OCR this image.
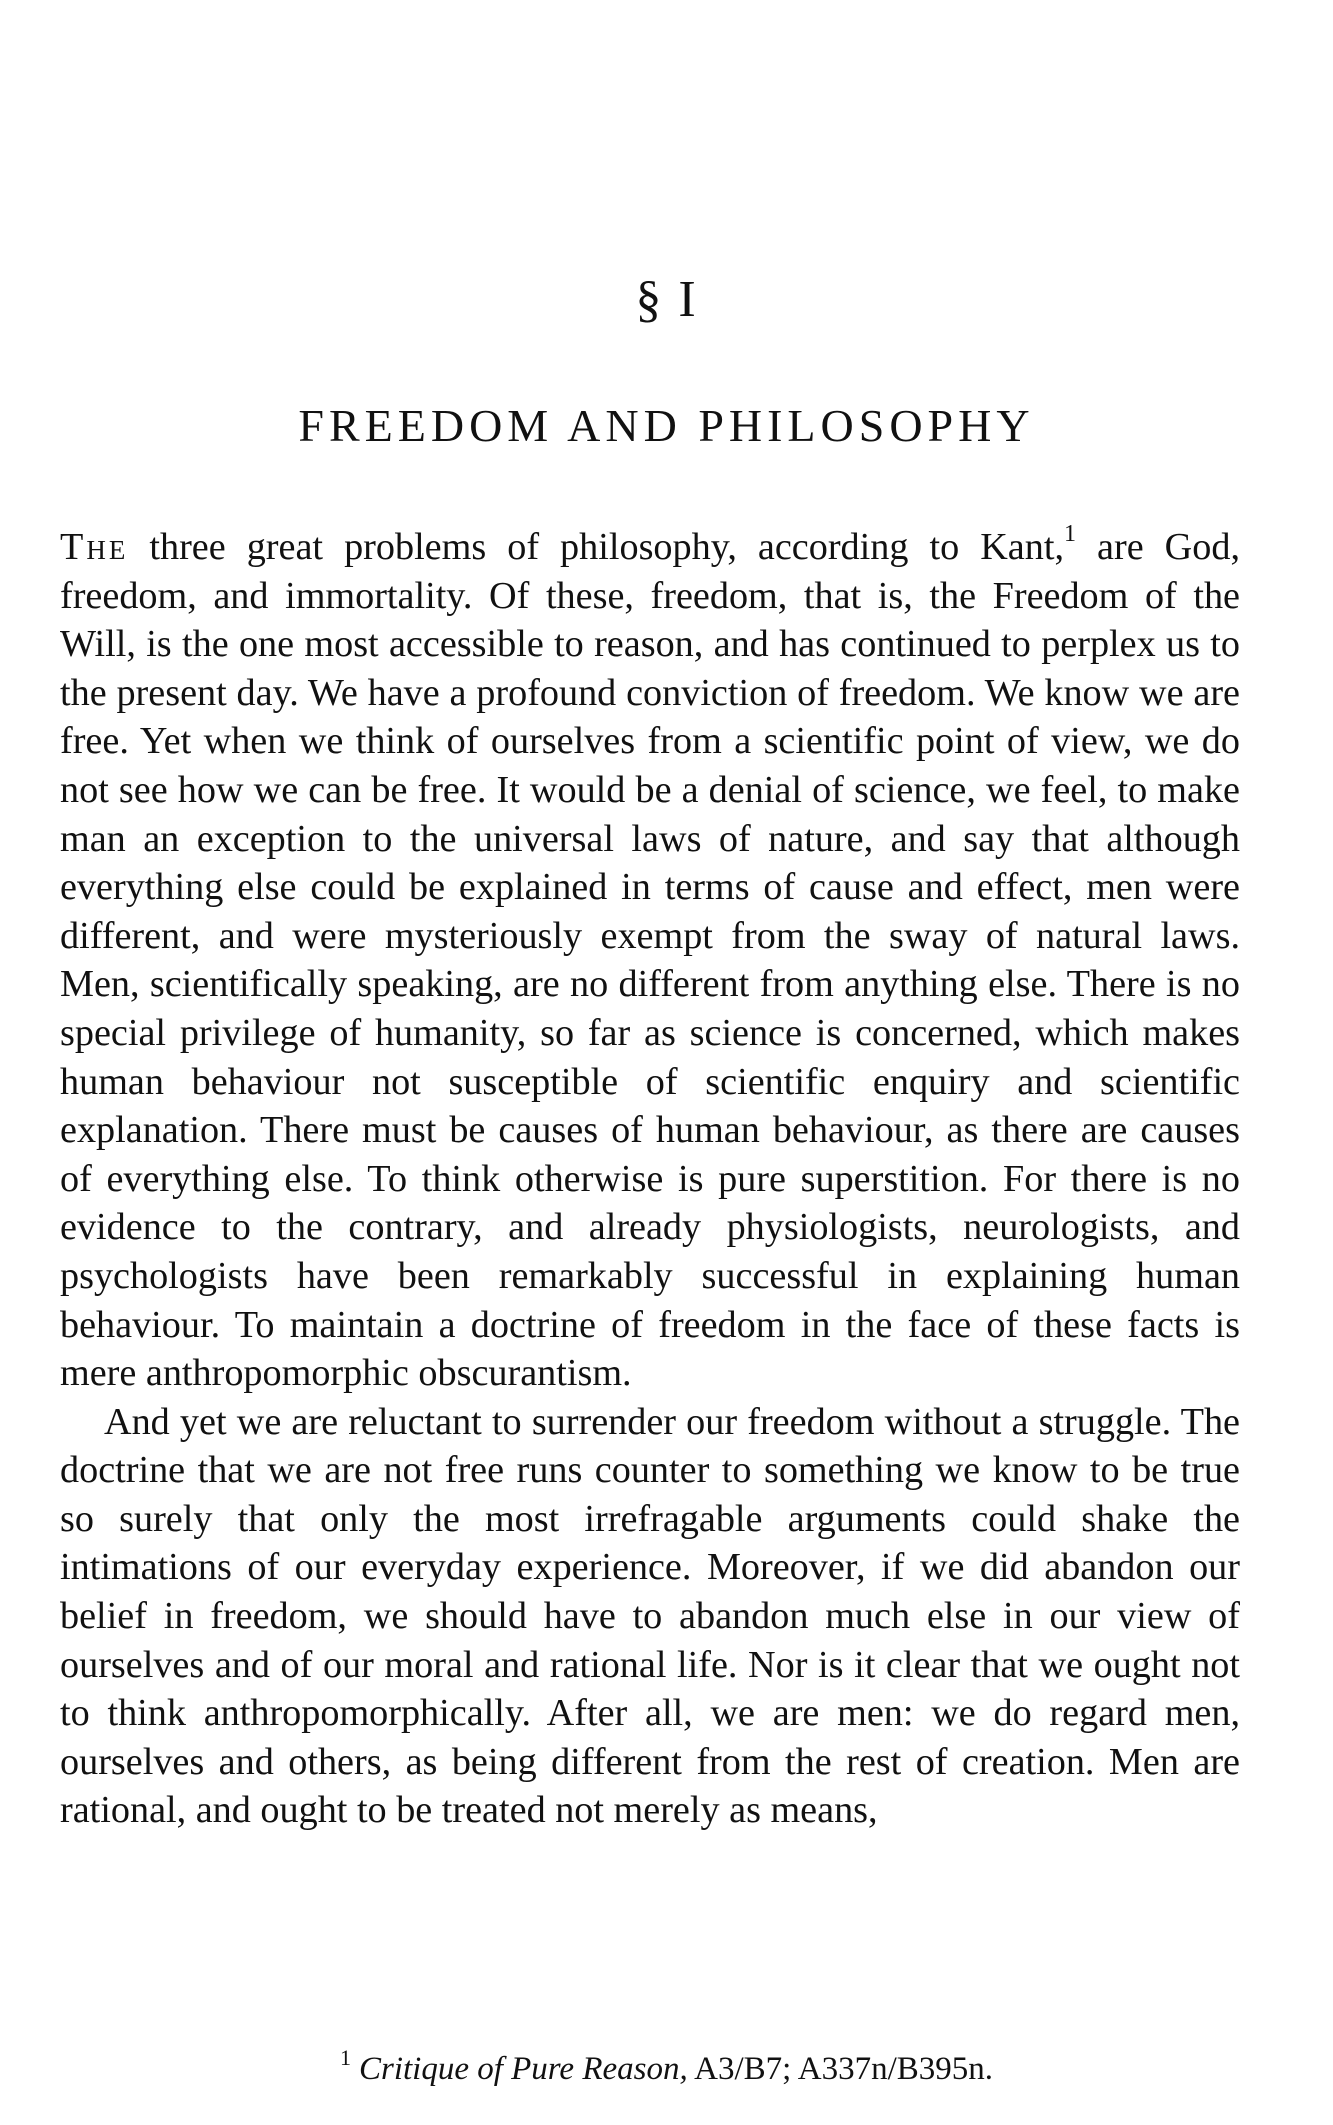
§ I
FREEDOM AND PHILOSOPHY

The three great problems of philosophy, according to Kant,$^1$ are God, freedom, and immortality. Of these, freedom, that is, the Freedom of the Will, is the one most accessible to reason, and has continued to perplex us to the present day. We have a profound conviction of freedom. We know we are free. Yet when we think of ourselves from a scientific point of view, we do not see how we can be free. It would be a denial of science, we feel, to make man an exception to the universal laws of nature, and say that although everything else could be explained in terms of cause and effect, men were different, and were mysteriously exempt from the sway of natural laws. Men, scientifically speaking, are no different from anything else. There is no special privilege of humanity, so far as science is concerned, which makes human behaviour not susceptible of scientific enquiry and scientific explanation. There must be causes of human behaviour, as there are causes of everything else. To think otherwise is pure superstition. For there is no evidence to the contrary, and already physiologists, neurologists, and psychologists have been remarkably successful in explaining human behaviour. To maintain a doctrine of freedom in the face of these facts is mere anthropomorphic obscurantism.

And yet we are reluctant to surrender our freedom without a struggle. The doctrine that we are not free runs counter to something we know to be true so surely that only the most irrefragable arguments could shake the intimations of our everyday experience. Moreover, if we did abandon our belief in freedom, we should have to abandon much else in our view of ourselves and of our moral and rational life. Nor is it clear that we ought not to think anthropomorphically. After all, we are men: we do regard men, ourselves and others, as being different from the rest of creation. Men are rational, and ought to be treated not merely as means,

$^1$ Critique of Pure Reason, A3/B7; A337n/B395n.
